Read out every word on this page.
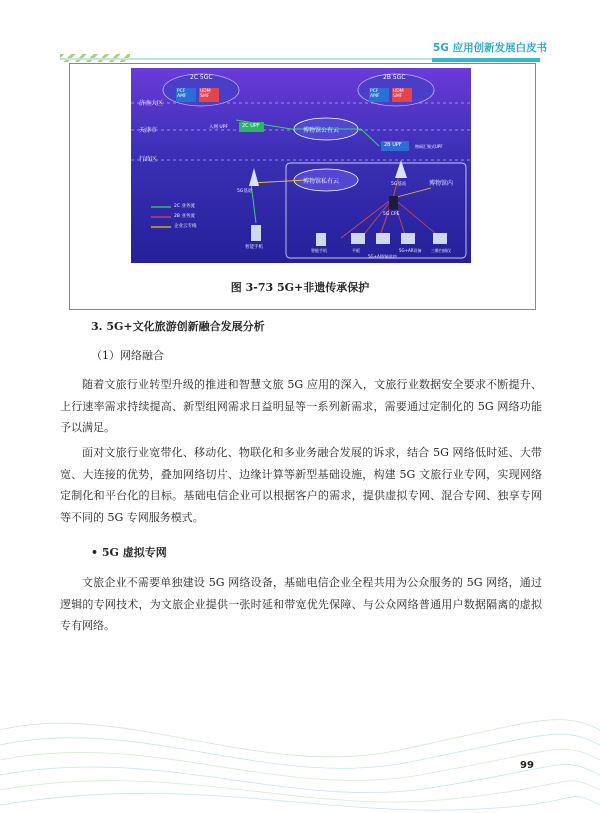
5G 应用创新发展白皮书
2C 5GC	2B 5GC
PCF
AMF
UDM
SMF
PCF
AMF
UDM
SMF
济南大区
天津市
行政区
入网 UPF	2C UPF
2B UPF	物网汇聚式UPF
博物馆公有云
博物馆私有云	博物馆内
5G基站
5G基站
5G CPE
2C 业务流
2B 业务流
企业云专线
智能手机
智能手机	平板
5G+AI智能监控
5G+AR设备 三维扫描仪
图 3-73 5G+非遗传承保护
3. 5G+文化旅游创新融合发展分析
（1）网络融合
随着文旅行业转型升级的推进和智慧文旅 5G 应用的深入，文旅行业数据安全要求不断提升、上行速率需求持续提高、新型组网需求日益明显等一系列新需求，需要通过定制化的 5G 网络功能予以满足。
面对文旅行业宽带化、移动化、物联化和多业务融合发展的诉求，结合 5G 网络低时延、大带宽、大连接的优势，叠加网络切片、边缘计算等新型基础设施，构建 5G 文旅行业专网，实现网络定制化和平台化的目标。基础电信企业可以根据客户的需求，提供虚拟专网、混合专网、独享专网等不同的 5G 专网服务模式。
• 5G 虚拟专网
文旅企业不需要单独建设 5G 网络设备，基础电信企业全程共用为公众服务的 5G 网络，通过逻辑的专网技术，为文旅企业提供一张时延和带宽优先保障、与公众网络普通用户数据隔离的虚拟专有网络。
99
